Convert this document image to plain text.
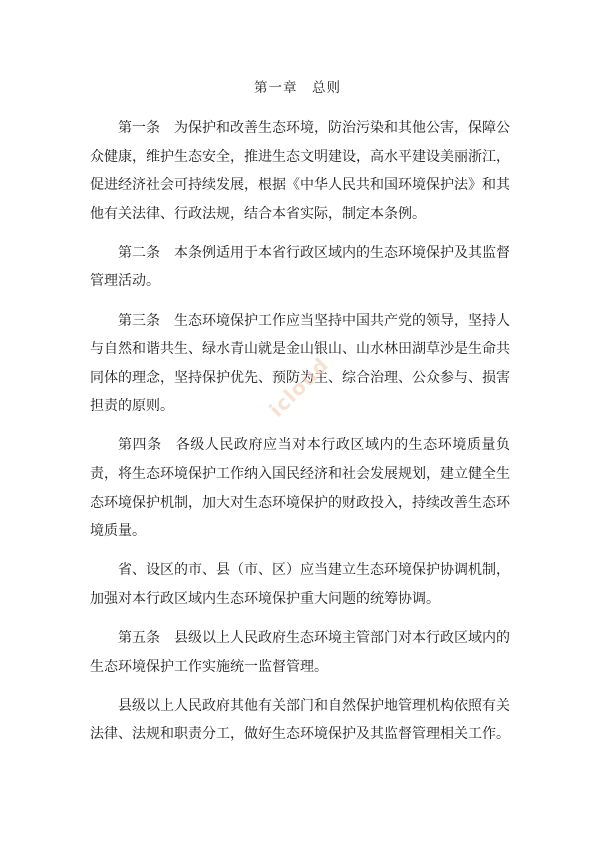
第一章　总则

第一条 为保护和改善生态环境，防治污染和其他公害，保障公众健康，维护生态安全，推进生态文明建设，高水平建设美丽浙江，促进经济社会可持续发展，根据《中华人民共和国环境保护法》和其他有关法律、行政法规，结合本省实际，制定本条例。

第二条 本条例适用于本省行政区域内的生态环境保护及其监督管理活动。

第三条 生态环境保护工作应当坚持中国共产党的领导，坚持人与自然和谐共生、绿水青山就是金山银山、山水林田湖草沙是生命共同体的理念，坚持保护优先、预防为主、综合治理、公众参与、损害担责的原则。

第四条 各级人民政府应当对本行政区域内的生态环境质量负责，将生态环境保护工作纳入国民经济和社会发展规划，建立健全生态环境保护机制，加大对生态环境保护的财政投入，持续改善生态环境质量。

省、设区的市、县（市、区）应当建立生态环境保护协调机制，加强对本行政区域内生态环境保护重大问题的统筹协调。

第五条 县级以上人民政府生态环境主管部门对本行政区域内的生态环境保护工作实施统一监督管理。

县级以上人民政府其他有关部门和自然保护地管理机构依照有关法律、法规和职责分工，做好生态环境保护及其监督管理相关工作。

icloud
